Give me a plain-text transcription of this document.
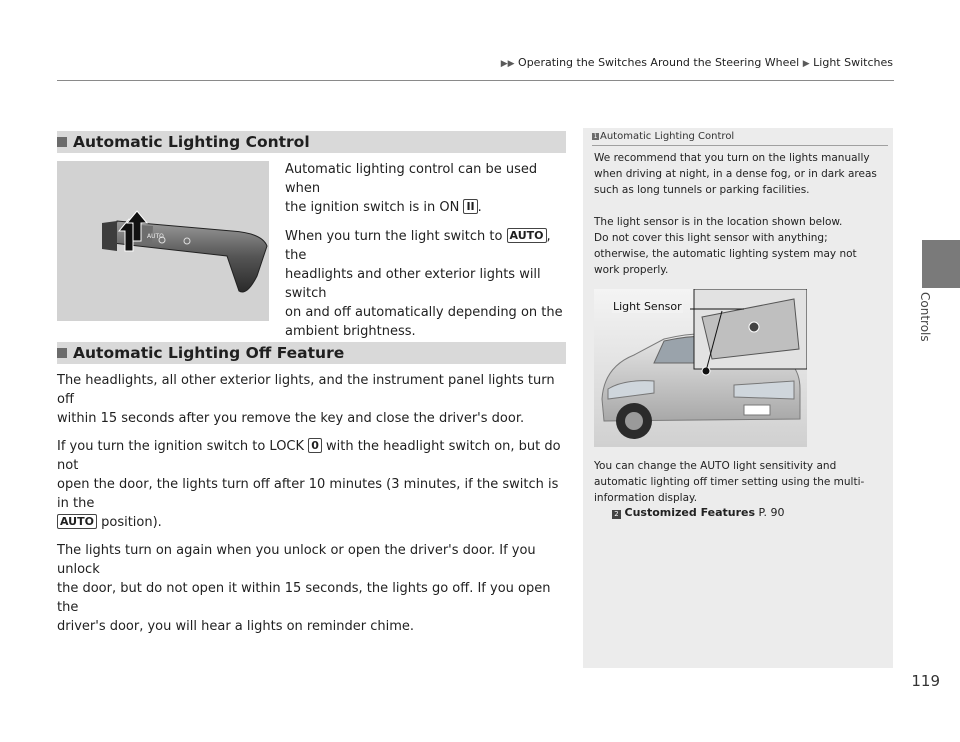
▶▶ Operating the Switches Around the Steering Wheel ▶ Light Switches
Controls
Automatic Lighting Control
AUTO

Automatic lighting control can be used when
the ignition switch is in ON II .

When you turn the light switch to AUTO , the
headlights and other exterior lights will switch
on and off automatically depending on the
ambient brightness.

Automatic Lighting Off Feature

The headlights, all other exterior lights, and the instrument panel lights turn off
within 15 seconds after you remove the key and close the driver's door.

If you turn the ignition switch to LOCK 0 with the headlight switch on, but do not
open the door, the lights turn off after 10 minutes (3 minutes, if the switch is in the
AUTO position).

The lights turn on again when you unlock or open the driver's door. If you unlock
the door, but do not open it within 15 seconds, the lights go off. If you open the
driver's door, you will hear a lights on reminder chime.

1 Automatic Lighting Control

We recommend that you turn on the lights manually
when driving at night, in a dense fog, or in dark areas
such as long tunnels or parking facilities.

The light sensor is in the location shown below.
Do not cover this light sensor with anything;
otherwise, the automatic lighting system may not
work properly.

Light Sensor

You can change the AUTO light sensitivity and
automatic lighting off timer setting using the multi-
information display.

2 Customized Features P. 90
119
